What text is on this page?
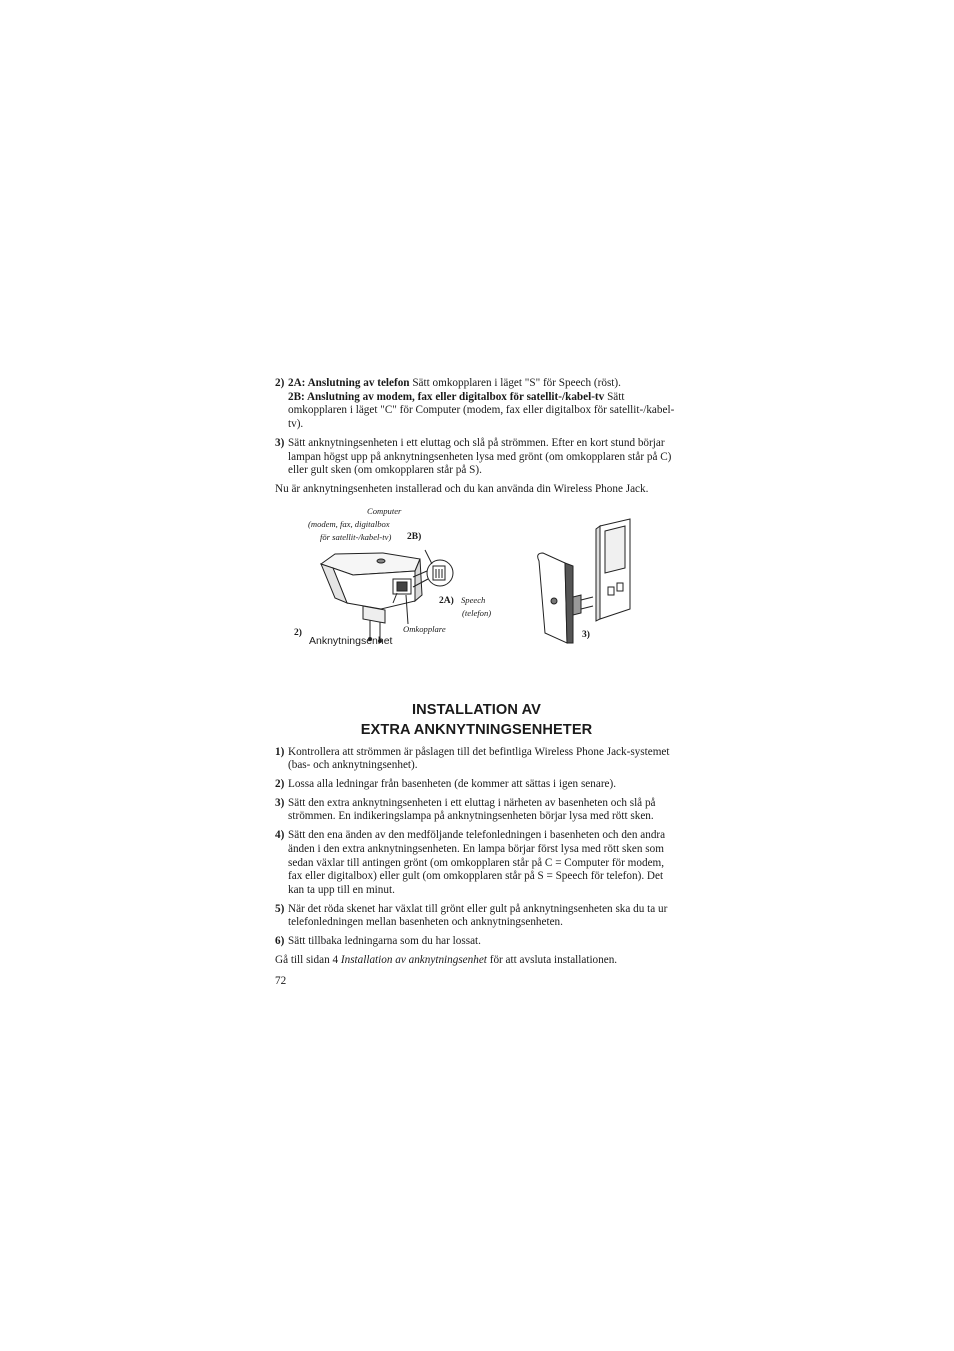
2) 2A: Anslutning av telefon Sätt omkopplaren i läget "S" för Speech (röst).
2B: Anslutning av modem, fax eller digitalbox för satellit-/kabel-tv Sätt omkopplaren i läget "C" för Computer (modem, fax eller digitalbox för satellit-/kabel-tv).
3) Sätt anknytningsenheten i ett eluttag och slå på strömmen. Efter en kort stund börjar lampan högst upp på anknytningsenheten lysa med grönt (om omkopplaren står på C) eller gult sken (om omkopplaren står på S).
Nu är anknytningsenheten installerad och du kan använda din Wireless Phone Jack.
Computer
(modem, fax, digitalbox
för satellit-/kabel-tv) 2B)
2A) Speech
(telefon)
Omkopplare
2)
Anknytningsenhet	3)
INSTALLATION AV
EXTRA ANKNYTNINGSENHETER
1) Kontrollera att strömmen är påslagen till det befintliga Wireless Phone Jack-systemet (bas- och anknytningsenhet).
2) Lossa alla ledningar från basenheten (de kommer att sättas i igen senare).
3) Sätt den extra anknytningsenheten i ett eluttag i närheten av basenheten och slå på strömmen. En indikeringslampa på anknytningsenheten börjar lysa med rött sken.
4) Sätt den ena änden av den medföljande telefonledningen i basenheten och den andra änden i den extra anknytningsenheten. En lampa börjar först lysa med rött sken som sedan växlar till antingen grönt (om omkopplaren står på C = Computer för modem, fax eller digitalbox) eller gult (om omkopplaren står på S = Speech för telefon). Det kan ta upp till en minut.
5) När det röda skenet har växlat till grönt eller gult på anknytningsenheten ska du ta ur telefonledningen mellan basenheten och anknytningsenheten.
6) Sätt tillbaka ledningarna som du har lossat.
Gå till sidan 4 Installation av anknytningsenhet för att avsluta installationen.
72
